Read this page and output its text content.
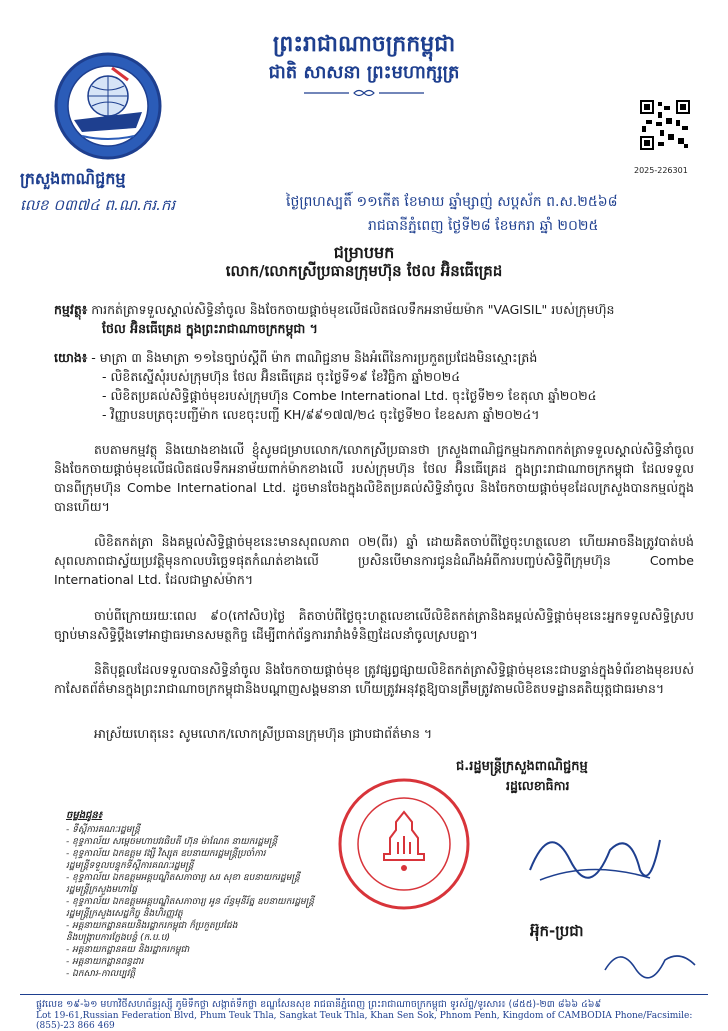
ព្រះរាជាណាចក្រកម្ពុជា
ជាតិ សាសនា ព្រះមហាក្សត្រ
ក្រសួងពាណិជ្ជកម្ម
លេខ ០៣៧៤ ព.ណ.ករ.ករ
2025-226301
ថ្ងៃព្រហស្បតិ៍ ១១កើត ខែមាឃ ឆ្នាំម្សាញ់ សប្តស័ក ព.ស.២៥៦៨
រាជធានីភ្នំពេញ ថ្ងៃទី២៨ ខែមករា ឆ្នាំ ២០២៥
ជម្រាបមក
លោក/លោកស្រីប្រធានក្រុមហ៊ុន ថែល អ៊ិនធើគ្រេដ
កម្មវត្ថុ៖ ការកត់ត្រាទទួលស្គាល់សិទ្ធិនាំចូល និងចែកចាយផ្តាច់មុខលើផលិតផលទឹកអនាម័យម៉ាក "VAGISIL" របស់ក្រុមហ៊ុន
ថែល អ៊ិនធើគ្រេដ ក្នុងព្រះរាជាណាចក្រកម្ពុជា ។
យោង៖ - មាត្រា ៣ និងមាត្រា ១១នៃច្បាប់ស្តីពី ម៉ាក ពាណិជ្ជនាម និងអំពើនៃការប្រកួតប្រជែងមិនស្មោះត្រង់
- លិខិតស្នើសុំរបស់ក្រុមហ៊ុន ថែល អ៊ិនធើគ្រេដ ចុះថ្ងៃទី១៩ ខែវិច្ឆិកា ឆ្នាំ២០២៤
- លិខិតប្រគល់សិទ្ធិផ្តាច់មុខរបស់ក្រុមហ៊ុន Combe International Ltd. ចុះថ្ងៃទី២១ ខែតុលា ឆ្នាំ២០២៤
- វិញ្ញាបនបត្រចុះបញ្ជីម៉ាក លេខចុះបញ្ជី KH/៩៩១៧៧/២៤ ចុះថ្ងៃទី២០ ខែឧសភា ឆ្នាំ២០២៤។
តបតាមកម្មវត្ថុ និងយោងខាងលើ ខ្ញុំសូមជម្រាបលោក/លោកស្រីប្រធានថា ក្រសួងពាណិជ្ជកម្មឯកភាពកត់ត្រាទទួលស្គាល់សិទ្ធិនាំចូល និងចែកចាយផ្តាច់មុខលើផលិតផលទឹកអនាម័យពាក់ម៉ាកខាងលើ របស់ក្រុមហ៊ុន ថែល អ៊ិនធើគ្រេដ ក្នុងព្រះរាជាណាចក្រកម្ពុជា ដែលទទួលបានពីក្រុមហ៊ុន Combe International Ltd. ដូចមានចែងក្នុងលិខិតប្រគល់សិទ្ធិនាំចូល និងចែកចាយផ្តាច់មុខដែលក្រសួងបានកម្មល់ក្នុងបានហើយ។
លិខិតកត់ត្រា និងគម្ពល់សិទ្ធិផ្តាច់មុខនេះមានសុពលភាព ០២(ពីរ) ឆ្នាំ ដោយគិតចាប់ពីថ្ងៃចុះហត្ថលេខា ហើយអាចនឹងត្រូវបាត់បង់សុពលភាពជាស្វ័យប្រវត្តិមុនកាលបរិច្ឆេទផុតកំណត់ខាងលើ ប្រសិនបើមានការជូនដំណឹងអំពីការបញ្ចប់សិទ្ធិពីក្រុមហ៊ុន Combe International Ltd. ដែលជាម្ចាស់ម៉ាក។
ចាប់ពីក្រោយរយៈពេល ៩០(កៅសិប)ថ្ងៃ គិតចាប់ពីថ្ងៃចុះហត្ថលេខាលើលិខិតកត់ត្រានិងគម្ពល់សិទ្ធិផ្តាច់មុខនេះអ្នកទទួលសិទ្ធិស្របច្បាប់មានសិទ្ធិប្តឹងទៅអាជ្ញាធរមានសមត្ថកិច្ច ដើម្បីពាក់ព័ន្ធការរារាំងទំនិញដែលនាំចូលស្របគ្នា។
និតិបុគ្គលដែលទទួលបានសិទ្ធិនាំចូល និងចែកចាយផ្តាច់មុខ ត្រូវផ្សព្វផ្សាយលិខិតកត់ត្រាសិទ្ធិផ្តាច់មុខនេះជាបន្ទាន់ក្នុងទំព័រខាងមុខរបស់កាសែតព័ត៌មានក្នុងព្រះរាជាណាចក្រកម្ពុជានិងបណ្តាញសង្គមនានា ហើយត្រូវអនុវត្តឱ្យបានត្រឹមត្រូវតាមលិខិតបទដ្ឋានគតិយុត្តជាធរមាន។
អាស្រ័យហេតុនេះ សូមលោក/លោកស្រីប្រធានក្រុមហ៊ុន ជ្រាបជាព័ត៌មាន ។
ជ.រដ្ឋមន្ត្រីក្រសួងពាណិជ្ជកម្ម
រដ្ឋលេខាធិការ
អ៊ុក-ប្រជា
ចម្លងជូន៖
- ទីស្តីការគណៈរដ្ឋមន្ត្រី
- ខុទ្ទកាល័យ សម្តេចមហាបវរធិបតី ហ៊ុន ម៉ាណែត នាយករដ្ឋមន្ត្រី
- ខុទ្ទកាល័យ ឯកឧត្តម វង្សី វិស្សុត ឧបនាយករដ្ឋមន្ត្រីប្រចាំការ
រដ្ឋមន្ត្រីទទួលបន្ទុកទីស្តីការគណៈរដ្ឋមន្ត្រី
- ខុទ្ទកាល័យ ឯកឧត្តមអគ្គបណ្ឌិតសភាចារ្យ សរ សុខា ឧបនាយករដ្ឋមន្ត្រី
រដ្ឋមន្ត្រីក្រសួងមហាផ្ទៃ
- ខុទ្ទកាល័យ ឯកឧត្តមអគ្គបណ្ឌិតសភាចារ្យ អូន ព័ន្ធមុនីរ័ត្ន ឧបនាយករដ្ឋមន្ត្រី
រដ្ឋមន្ត្រីក្រសួងសេដ្ឋកិច្ច និងហិរញ្ញវត្ថុ
- អគ្គនាយកដ្ឋានគយនិងរដ្ឋាករកម្ពុជា ក៏ប្រកួតប្រជែង
និងបង្ក្រាបការក្លែងបន្លំ (ក.ប.ប)
- អគ្គនាយកដ្ឋានគយ និងរដ្ឋាករកម្ពុជា
- អគ្គនាយកដ្ឋានពន្ធដារ
- ឯកសារ-កាលប្បវត្តិ
ផ្លូវលេខ ១៩-៦១ មហាវិថីសហព័ន្ធរុស្ស៊ី ភូមិទឹកថ្លា សង្កាត់ទឹកថ្លា ខណ្ឌសែនសុខ រាជធានីភ្នំពេញ ព្រះរាជាណាចក្រកម្ពុជា ទូរស័ព្ទ/ទូរសារ៖ (៨៥៥)-២៣ ៨៦៦ ៤៦៩
Lot 19-61,Russian Federation Blvd, Phum Teuk Thla, Sangkat Teuk Thla, Khan Sen Sok, Phnom Penh, Kingdom of CAMBODIA Phone/Facsimile: (855)-23 866 469
